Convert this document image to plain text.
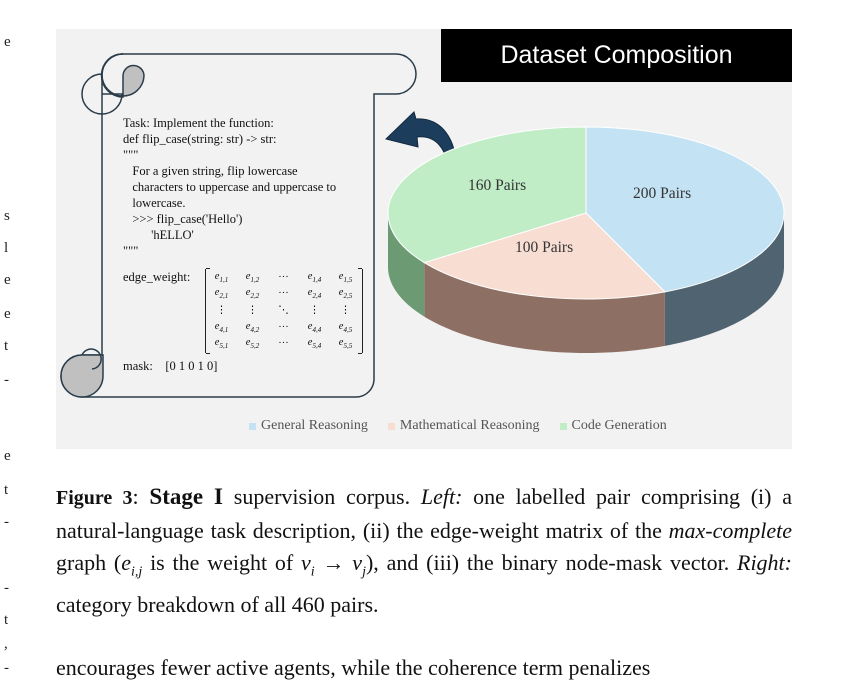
e
s
l
e
e
t
-
e
t
-
-
t
,
-
Dataset Composition
Task: Implement the function:
def flip_case(string: str) -> str:
"""
For a given string, flip lowercase
characters to uppercase and uppercase to
lowercase.
>>> flip_case('Hello')
'hELLO'
"""
edge_weight:	$e_{1,1}$	$e_{1,2}$	···	$e_{1,4}$	$e_{1,5}$
$e_{2,1}$	$e_{2,2}$	···	$e_{2,4}$	$e_{2,5}$
⋮	⋮	⋱	⋮	⋮
$e_{4,1}$	$e_{4,2}$	···	$e_{4,4}$	$e_{4,5}$
$e_{5,1}$	$e_{5,2}$	···	$e_{5,4}$	$e_{5,5}$
mask:    [0 1 0 1 0]
160 Pairs	200 Pairs
100 Pairs
General Reasoning Mathematical Reasoning Code Generation
Figure 3: Stage I supervision corpus. Left: one labelled pair comprising (i) a natural-language task description, (ii) the edge-weight matrix of the max-complete graph ($e_{i,j}$ is the weight of $v_i \to v_j$), and (iii) the binary node-mask vector. Right: category breakdown of all 460 pairs.
encourages fewer active agents, while the coherence term penalizes
